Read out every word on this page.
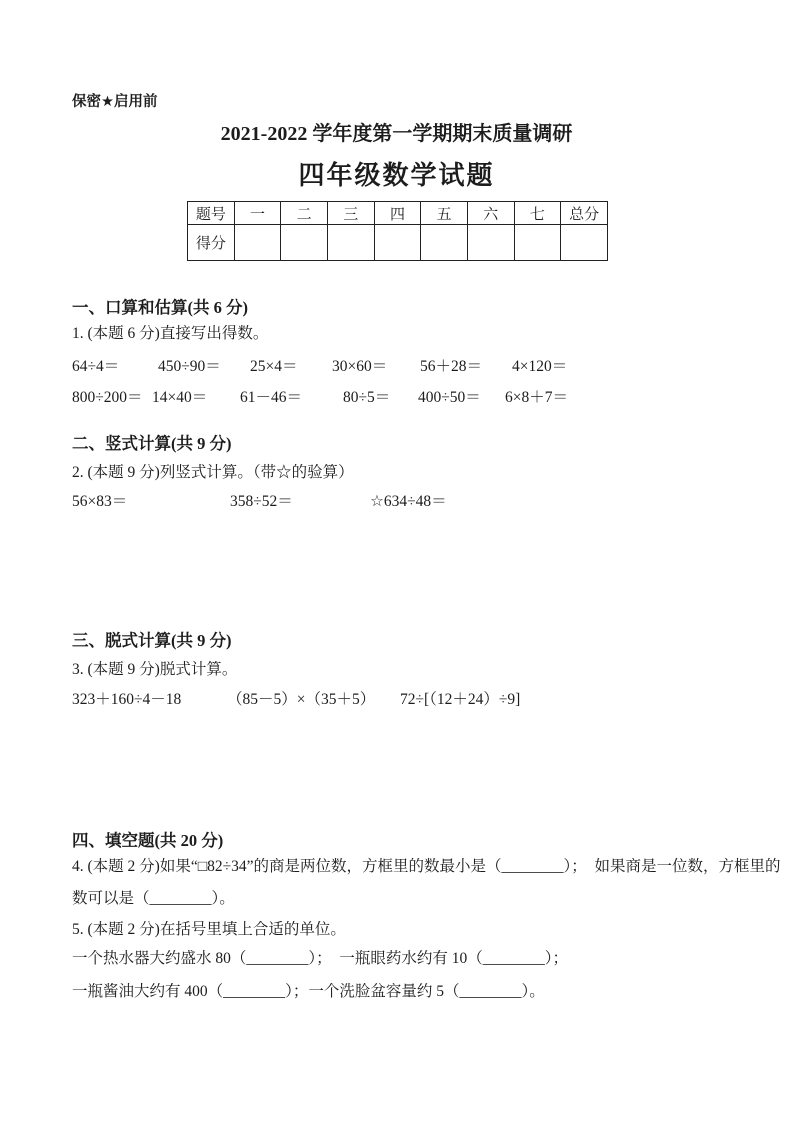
保密★启用前
2021-2022 学年度第一学期期末质量调研
四年级数学试题
题号	一	二	三	四	五	六	七	总分
得分								
一、口算和估算(共 6 分)
1. (本题 6 分)直接写出得数。
64÷4＝ 450÷90＝ 25×4＝ 30×60＝ 56＋28＝ 4×120＝
800÷200＝ 14×40＝ 61－46＝	80÷5＝ 400÷50＝ 6×8＋7＝
二、竖式计算(共 9 分)
2. (本题 9 分)列竖式计算。（带☆的验算）
56×83＝	358÷52＝	☆634÷48＝
三、脱式计算(共 9 分)
3. (本题 9 分)脱式计算。
323＋160÷4－18	（85－5）×（35＋5） 72÷[（12＋24）÷9]
四、填空题(共 20 分)
4. (本题 2 分)如果“□82÷34”的商是两位数，方框里的数最小是（________）；  如果商是一位数，方框里的
数可以是（________）。
5. (本题 2 分)在括号里填上合适的单位。
一个热水器大约盛水 80（________）；  一瓶眼药水约有 10（________）；
一瓶酱油大约有 400（________）；一个洗脸盆容量约 5（________）。
